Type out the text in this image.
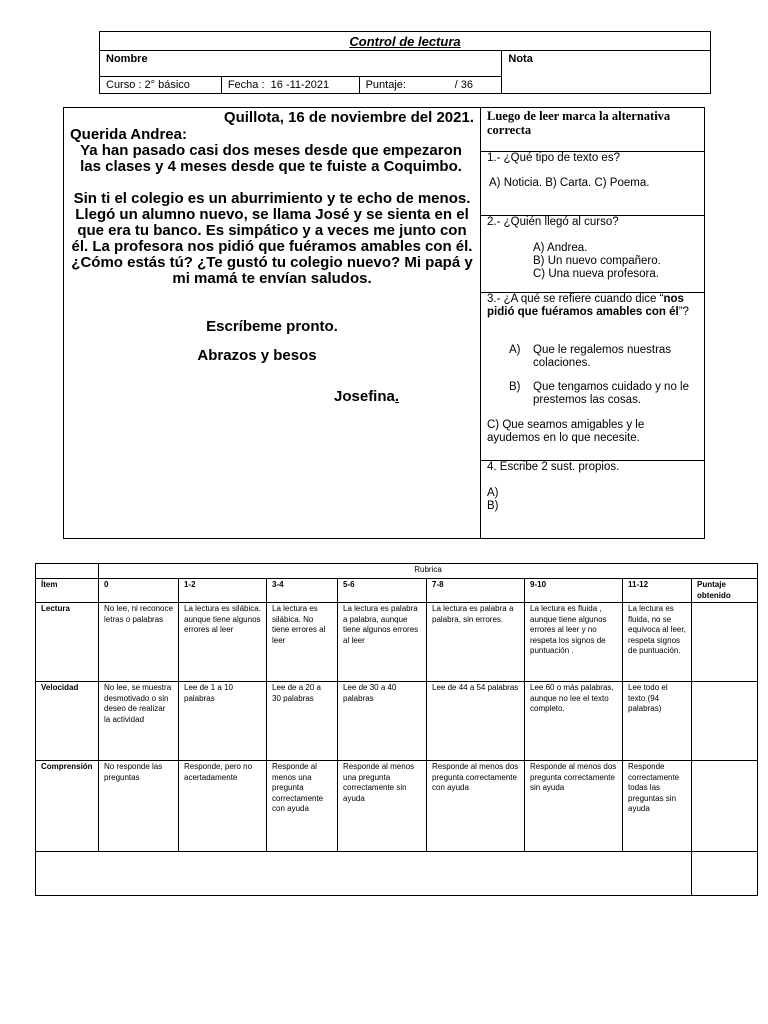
Control de lectura			
Nombre			Nota
Curso : 2° básico	Fecha : 16 -11-2021	Puntaje: / 36	
Quillota, 16 de noviembre del 2021.
Querida Andrea:
Ya han pasado casi dos meses desde que empezaron las clases y 4 meses desde que te fuiste a Coquimbo.
Sin ti el colegio es un aburrimiento y te echo de menos. Llegó un alumno nuevo, se llama José y se sienta en el que era tu banco. Es simpático y a veces me junto con él. La profesora nos pidió que fuéramos amables con él. ¿Cómo estás tú? ¿Te gustó tu colegio nuevo? Mi papá y mi mamá te envían saludos.
Escríbeme pronto.
Abrazos y besos
Josefina.
Luego de leer marca la alternativa correcta
1.- ¿Qué tipo de texto es?
A) Noticia. B) Carta. C) Poema.
2.- ¿Quién llegó al curso?
A) Andrea.
B) Un nuevo compañero.
C) Una nueva profesora.
3.- ¿A qué se refiere cuando dice “nos pidió que fuéramos amables con él”?
A) Que le regalemos nuestras colaciones.
B) Que tengamos cuidado y no le prestemos las cosas.
C) Que seamos amigables y le ayudemos en lo que necesite.
4. Escribe 2 sust. propios.
A)
B)
	Rubrica							
Ítem	0	1-2	3-4	5-6	7-8	9-10	11-12	Puntaje obtenido
Lectura	No lee, ni reconoce letras o palabras	La lectura es silábica. aunque tiene algunos errores al leer	La lectura es silábica. No tiene errores al leer	La lectura es palabra a palabra, aunque tiene algunos errores al leer	La lectura es palabra a palabra, sin errores.	La lectura es fluida , aunque tiene algunos errores al leer y no respeta los signos de puntuación .	La lectura es fluida, no se equivoca al leer, respeta signos de puntuación.	
Velocidad	No lee, se muestra desmotivado o sin deseo de realizar la actividad	Lee de 1 a 10 palabras	Lee de a 20 a 30 palabras	Lee de 30 a 40 palabras	Lee de 44 a 54 palabras	Lee 60 o más palabras, aunque no lee el texto completo.	Lee todo el texto (94 palabras)	
Comprensión	No responde las preguntas	Responde, pero no acertadamente	Responde al menos una pregunta correctamente con ayuda	Responde al menos una pregunta correctamente sin ayuda	Responde al menos dos pregunta correctamente con ayuda	Responde al menos dos pregunta correctamente sin ayuda	Responde correctamente todas las preguntas sin ayuda	
